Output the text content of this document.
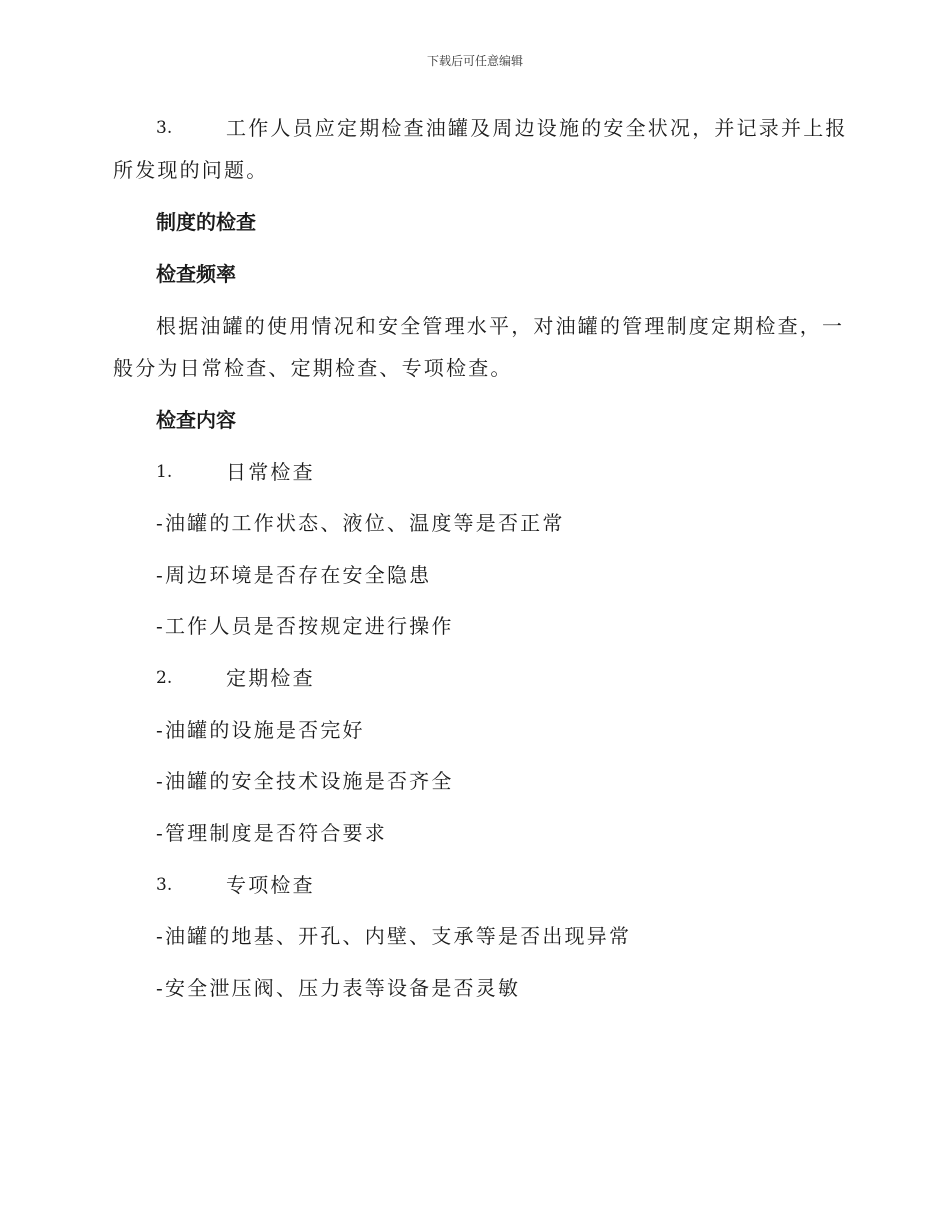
下载后可任意编辑
3.	工作人员应定期检查油罐及周边设施的安全状况，并记录并上报
所发现的问题。
制度的检查
检查频率
根据油罐的使用情况和安全管理水平，对油罐的管理制度定期检查，一
般分为日常检查、定期检查、专项检查。
检查内容
1.	日常检查
-油罐的工作状态、液位、温度等是否正常
-周边环境是否存在安全隐患
-工作人员是否按规定进行操作
2.	定期检查
-油罐的设施是否完好
-油罐的安全技术设施是否齐全
-管理制度是否符合要求
3.	专项检查
-油罐的地基、开孔、内壁、支承等是否出现异常
-安全泄压阀、压力表等设备是否灵敏
